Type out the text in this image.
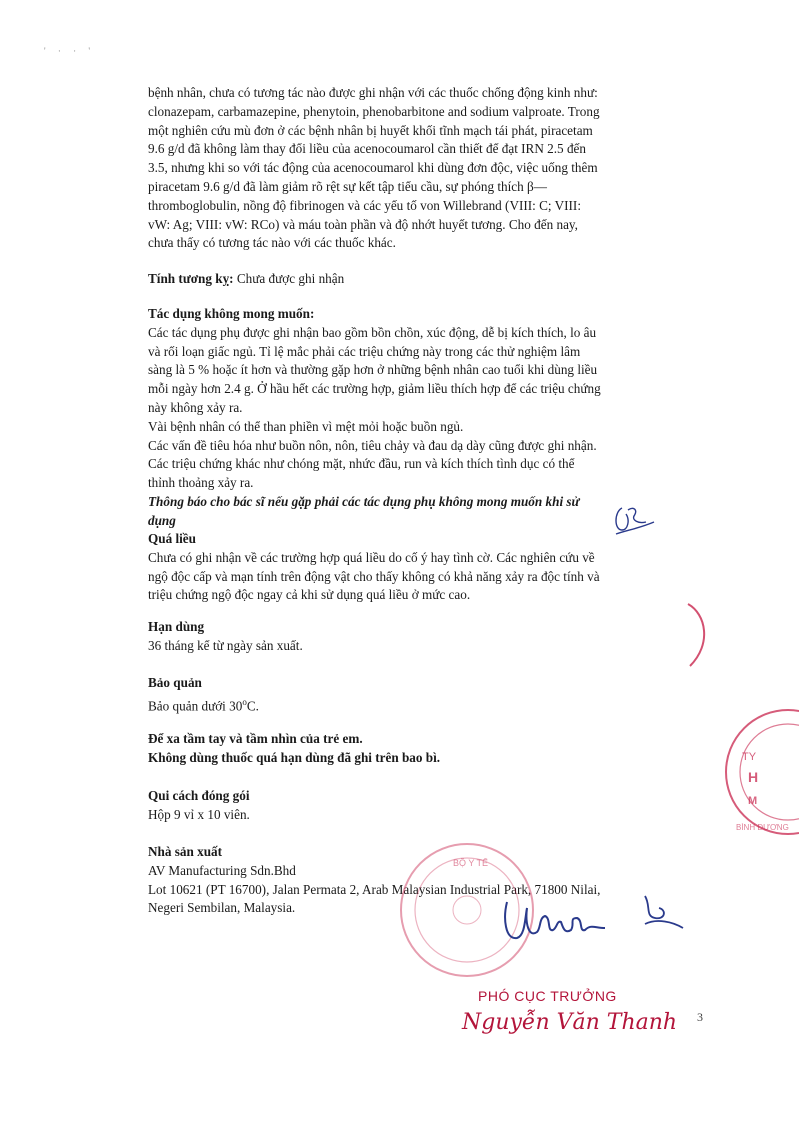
' · · '

bệnh nhân, chưa có tương tác nào được ghi nhận với các thuốc chống động kinh như:

clonazepam, carbamazepine, phenytoin, phenobarbitone and sodium valproate. Trong

một nghiên cứu mù đơn ở các bệnh nhân bị huyết khối tĩnh mạch tái phát, piracetam

9.6 g/d đã không làm thay đổi liều của acenocoumarol cần thiết để đạt IRN 2.5 đến

3.5, nhưng khi so với tác động của acenocoumarol khi dùng đơn độc, việc uống thêm

piracetam 9.6 g/d đã làm giảm rõ rệt sự kết tập tiểu cầu, sự phóng thích β—

thromboglobulin, nồng độ fibrinogen và các yếu tố von Willebrand (VIII: C; VIII:

vW: Ag; VIII: vW: RCo) và máu toàn phần và độ nhớt huyết tương. Cho đến nay,

chưa thấy có tương tác nào với các thuốc khác.

Tính tương kỵ: Chưa được ghi nhận

Tác dụng không mong muốn:

Các tác dụng phụ được ghi nhận bao gồm bồn chồn, xúc động, dễ bị kích thích, lo âu

và rối loạn giấc ngủ. Tỉ lệ mắc phải các triệu chứng này trong các thử nghiệm lâm

sàng là 5 % hoặc ít hơn và thường gặp hơn ở những bệnh nhân cao tuổi khi dùng liều

mỗi ngày hơn 2.4 g. Ở hầu hết các trường hợp, giảm liều thích hợp để các triệu chứng

này không xảy ra.

Vài bệnh nhân có thể than phiền vì mệt mỏi hoặc buồn ngủ.

Các vấn đề tiêu hóa như buồn nôn, nôn, tiêu chảy và đau dạ dày cũng được ghi nhận.

Các triệu chứng khác như chóng mặt, nhức đầu, run và kích thích tình dục có thể

thỉnh thoảng xảy ra.

Thông báo cho bác sĩ nếu gặp phải các tác dụng phụ không mong muốn khi sử

dụng

Quá liều

Chưa có ghi nhận về các trường hợp quá liều do cố ý hay tình cờ. Các nghiên cứu về

ngộ độc cấp và mạn tính trên động vật cho thấy không có khả năng xảy ra độc tính và

triệu chứng ngộ độc ngay cả khi sử dụng quá liều ở mức cao.

Hạn dùng

36 tháng kể từ ngày sản xuất.

Bảo quản

Bảo quản dưới 30$^o$C.

Để xa tầm tay và tầm nhìn của trẻ em.

Không dùng thuốc quá hạn dùng đã ghi trên bao bì.

Qui cách đóng gói

Hộp 9 vỉ x 10 viên.

Nhà sản xuất

AV Manufacturing Sdn.Bhd

Lot 10621 (PT 16700), Jalan Permata 2, Arab Malaysian Industrial Park, 71800 Nilai,

Negeri Sembilan, Malaysia.

TY
H
M
BÌNH DƯƠNG
BỘ Y TẾ
PHÓ CỤC TRƯỞNG
Nguyễn Văn Thanh 3
